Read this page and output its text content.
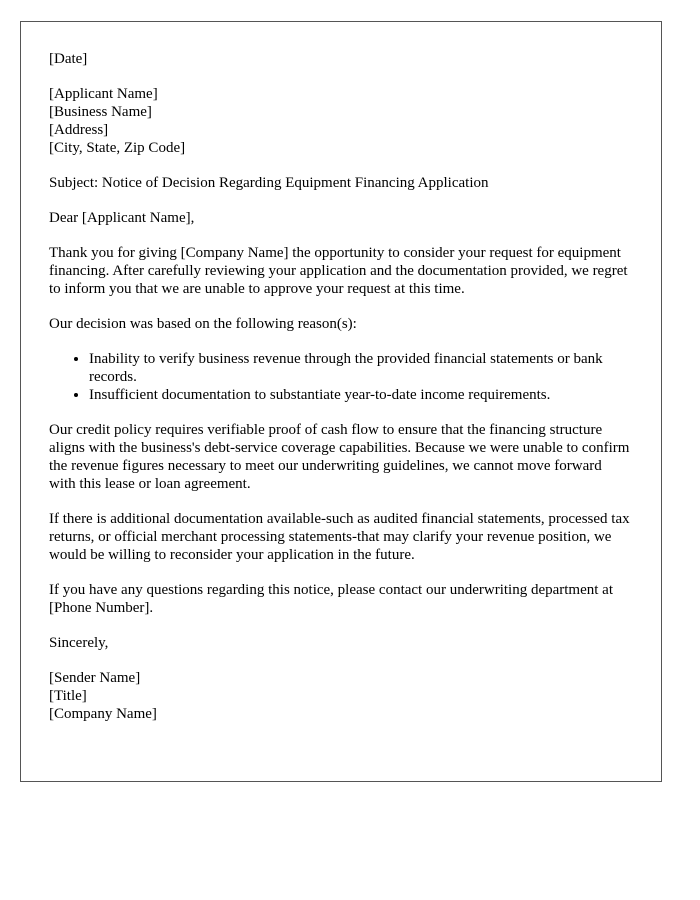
[Date]

[Applicant Name]
[Business Name]
[Address]
[City, State, Zip Code]

Subject: Notice of Decision Regarding Equipment Financing Application

Dear [Applicant Name],

Thank you for giving [Company Name] the opportunity to consider your request for equipment financing. After carefully reviewing your application and the documentation provided, we regret to inform you that we are unable to approve your request at this time.

Our decision was based on the following reason(s):

• Inability to verify business revenue through the provided financial statements or bank records.
• Insufficient documentation to substantiate year-to-date income requirements.

Our credit policy requires verifiable proof of cash flow to ensure that the financing structure aligns with the business's debt-service coverage capabilities. Because we were unable to confirm the revenue figures necessary to meet our underwriting guidelines, we cannot move forward with this lease or loan agreement.

If there is additional documentation available-such as audited financial statements, processed tax returns, or official merchant processing statements-that may clarify your revenue position, we would be willing to reconsider your application in the future.

If you have any questions regarding this notice, please contact our underwriting department at [Phone Number].

Sincerely,

[Sender Name]
[Title]
[Company Name]
